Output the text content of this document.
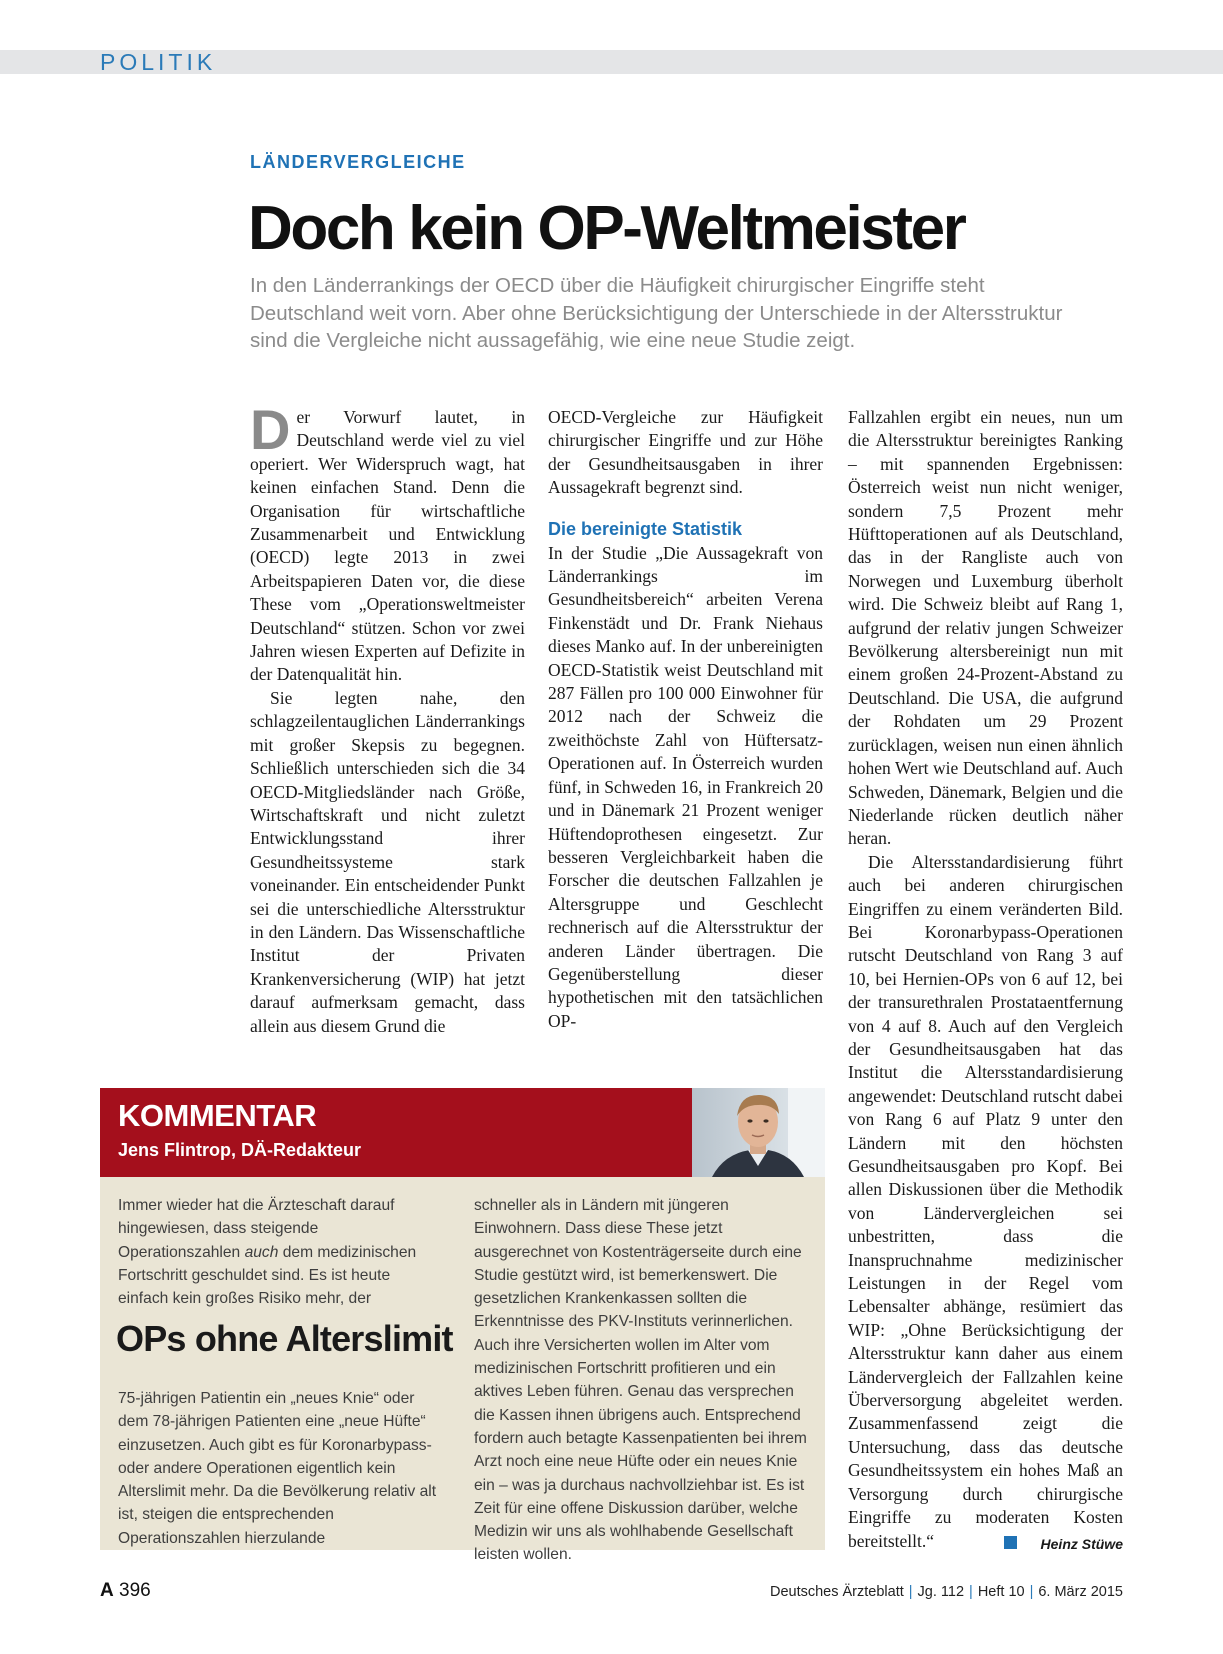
POLITIK
LÄNDERVERGLEICHE
Doch kein OP-Weltmeister
In den Länderrankings der OECD über die Häufigkeit chirurgischer Eingriffe steht Deutschland weit vorn. Aber ohne Berücksichtigung der Unterschiede in der Altersstruktur sind die Vergleiche nicht aussagefähig, wie eine neue Studie zeigt.

Der Vorwurf lautet, in Deutschland werde viel zu viel operiert. Wer Widerspruch wagt, hat keinen einfachen Stand. Denn die Organisation für wirtschaftliche Zusammenarbeit und Entwicklung (OECD) legte 2013 in zwei Arbeitspapieren Daten vor, die diese These vom „Operationsweltmeister Deutschland“ stützen. Schon vor zwei Jahren wiesen Experten auf Defizite in der Datenqualität hin.

Sie legten nahe, den schlagzeilentauglichen Länderrankings mit großer Skepsis zu begegnen. Schließlich unterschieden sich die 34 OECD-Mitgliedsländer nach Größe, Wirtschaftskraft und nicht zuletzt Entwicklungsstand ihrer Gesundheitssysteme stark voneinander. Ein entscheidender Punkt sei die unterschiedliche Altersstruktur in den Ländern. Das Wissenschaftliche Institut der Privaten Krankenversicherung (WIP) hat jetzt darauf aufmerksam gemacht, dass allein aus diesem Grund die

OECD-Vergleiche zur Häufigkeit chirurgischer Eingriffe und zur Höhe der Gesundheitsausgaben in ihrer Aussagekraft begrenzt sind.

Die bereinigte Statistik

In der Studie „Die Aussagekraft von Länderrankings im Gesundheitsbereich“ arbeiten Verena Finkenstädt und Dr. Frank Niehaus dieses Manko auf. In der unbereinigten OECD-Statistik weist Deutschland mit 287 Fällen pro 100 000 Einwohner für 2012 nach der Schweiz die zweithöchste Zahl von Hüftersatz-Operationen auf. In Österreich wurden fünf, in Schweden 16, in Frankreich 20 und in Dänemark 21 Prozent weniger Hüftendoprothesen eingesetzt. Zur besseren Vergleichbarkeit haben die Forscher die deutschen Fallzahlen je Altersgruppe und Geschlecht rechnerisch auf die Altersstruktur der anderen Länder übertragen. Die Gegenüberstellung dieser hypothetischen mit den tatsächlichen OP-

Fallzahlen ergibt ein neues, nun um die Altersstruktur bereinigtes Ranking – mit spannenden Ergebnissen: Österreich weist nun nicht weniger, sondern 7,5 Prozent mehr Hüfttoperationen auf als Deutschland, das in der Rangliste auch von Norwegen und Luxemburg überholt wird. Die Schweiz bleibt auf Rang 1, aufgrund der relativ jungen Schweizer Bevölkerung altersbereinigt nun mit einem großen 24-Prozent-Abstand zu Deutschland. Die USA, die aufgrund der Rohdaten um 29 Prozent zurücklagen, weisen nun einen ähnlich hohen Wert wie Deutschland auf. Auch Schweden, Dänemark, Belgien und die Niederlande rücken deutlich näher heran.

Die Altersstandardisierung führt auch bei anderen chirurgischen Eingriffen zu einem veränderten Bild. Bei Koronarbypass-Operationen rutscht Deutschland von Rang 3 auf 10, bei Hernien-OPs von 6 auf 12, bei der transurethralen Prostataentfernung von 4 auf 8. Auch auf den Vergleich der Gesundheitsausgaben hat das Institut die Altersstandardisierung angewendet: Deutschland rutscht dabei von Rang 6 auf Platz 9 unter den Ländern mit den höchsten Gesundheitsausgaben pro Kopf. Bei allen Diskussionen über die Methodik von Ländervergleichen sei unbestritten, dass die Inanspruchnahme medizinischer Leistungen in der Regel vom Lebensalter abhänge, resümiert das WIP: „Ohne Berücksichtigung der Altersstruktur kann daher aus einem Ländervergleich der Fallzahlen keine Überversorgung abgeleitet werden. Zusammenfassend zeigt die Untersuchung, dass das deutsche Gesundheitssystem ein hohes Maß an Versorgung durch chirurgische Eingriffe zu moderaten Kosten bereitstellt.“	Heinz Stüwe
KOMMENTAR
Jens Flintrop, DÄ-Redakteur

Immer wieder hat die Ärzteschaft darauf hingewiesen, dass steigende Operationszahlen auch dem medizinischen Fortschritt geschuldet sind. Es ist heute einfach kein großes Risiko mehr, der

OPs ohne Alterslimit

75-jährigen Patientin ein „neues Knie“ oder dem 78-jährigen Patienten eine „neue Hüfte“ einzusetzen. Auch gibt es für Koronarbypass- oder andere Operationen eigentlich kein Alterslimit mehr. Da die Bevölkerung relativ alt ist, steigen die entsprechenden Operationszahlen hierzulande

schneller als in Ländern mit jüngeren Einwohnern. Dass diese These jetzt ausgerechnet von Kostenträgerseite durch eine Studie gestützt wird, ist bemerkenswert. Die gesetzlichen Krankenkassen sollten die Erkenntnisse des PKV-Instituts verinnerlichen. Auch ihre Versicherten wollen im Alter vom medizinischen Fortschritt profitieren und ein aktives Leben führen. Genau das versprechen die Kassen ihnen übrigens auch. Entsprechend fordern auch betagte Kassenpatienten bei ihrem Arzt noch eine neue Hüfte oder ein neues Knie ein – was ja durchaus nachvollziehbar ist. Es ist Zeit für eine offene Diskussion darüber, welche Medizin wir uns als wohlhabende Gesellschaft leisten wollen.

A 396	Deutsches Ärzteblatt | Jg. 112 | Heft 10 | 6. März 2015
